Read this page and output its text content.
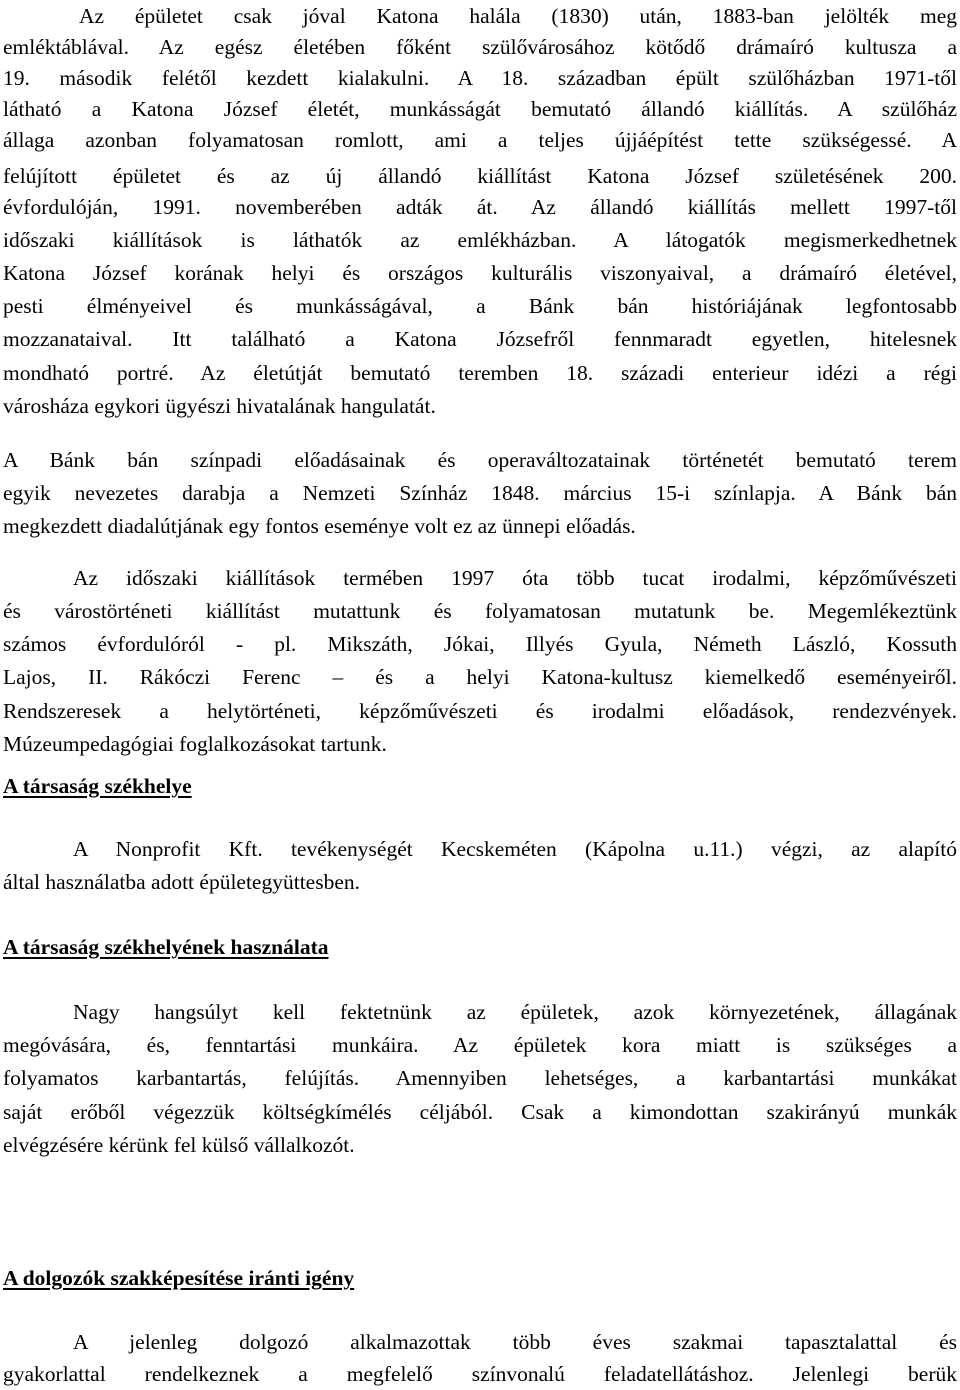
Az épületet csak jóval Katona halála (1830) után, 1883-ban jelölték meg
emléktáblával. Az egész életében főként szülővárosához kötődő drámaíró kultusza a
19. második felétől kezdett kialakulni. A 18. században épült szülőházban 1971-től
látható a Katona József életét, munkásságát bemutató állandó kiállítás. A szülőház
állaga azonban folyamatosan romlott, ami a teljes újjáépítést tette szükségessé. A
felújított épületet és az új állandó kiállítást Katona József születésének 200.
évfordulóján, 1991. novemberében adták át. Az állandó kiállítás mellett 1997-től
időszaki kiállítások is láthatók az emlékházban. A látogatók megismerkedhetnek
Katona József korának helyi és országos kulturális viszonyaival, a drámaíró életével,
pesti élményeivel és munkásságával, a Bánk bán históriájának legfontosabb
mozzanataival. Itt található a Katona Józsefről fennmaradt egyetlen, hitelesnek
mondható portré. Az életútját bemutató teremben 18. századi enterieur idézi a régi
városháza egykori ügyészi hivatalának hangulatát.
A Bánk bán színpadi előadásainak és operaváltozatainak történetét bemutató terem
egyik nevezetes darabja a Nemzeti Színház 1848. március 15-i színlapja. A Bánk bán
megkezdett diadalútjának egy fontos eseménye volt ez az ünnepi előadás.
Az időszaki kiállítások termében 1997 óta több tucat irodalmi, képzőművészeti
és várostörténeti kiállítást mutattunk és folyamatosan mutatunk be. Megemlékeztünk
számos évfordulóról - pl. Mikszáth, Jókai, Illyés Gyula, Németh László, Kossuth
Lajos, II. Rákóczi Ferenc – és a helyi Katona-kultusz kiemelkedő eseményeiről.
Rendszeresek a helytörténeti, képzőművészeti és irodalmi előadások, rendezvények.
Múzeumpedagógiai foglalkozásokat tartunk.
A társaság székhelye
A Nonprofit Kft. tevékenységét Kecskeméten (Kápolna u.11.) végzi, az alapító
által használatba adott épületegyüttesben.
A társaság székhelyének használata
Nagy hangsúlyt kell fektetnünk az épületek, azok környezetének, állagának
megóvására, és, fenntartási munkáira. Az épületek kora miatt is szükséges a
folyamatos karbantartás, felújítás. Amennyiben lehetséges, a karbantartási munkákat
saját erőből végezzük költségkímélés céljából. Csak a kimondottan szakirányú munkák
elvégzésére kérünk fel külső vállalkozót.
A dolgozók szakképesítése iránti igény
A jelenleg dolgozó alkalmazottak több éves szakmai tapasztalattal és
gyakorlattal rendelkeznek a megfelelő színvonalú feladatellátáshoz. Jelenlegi berük
